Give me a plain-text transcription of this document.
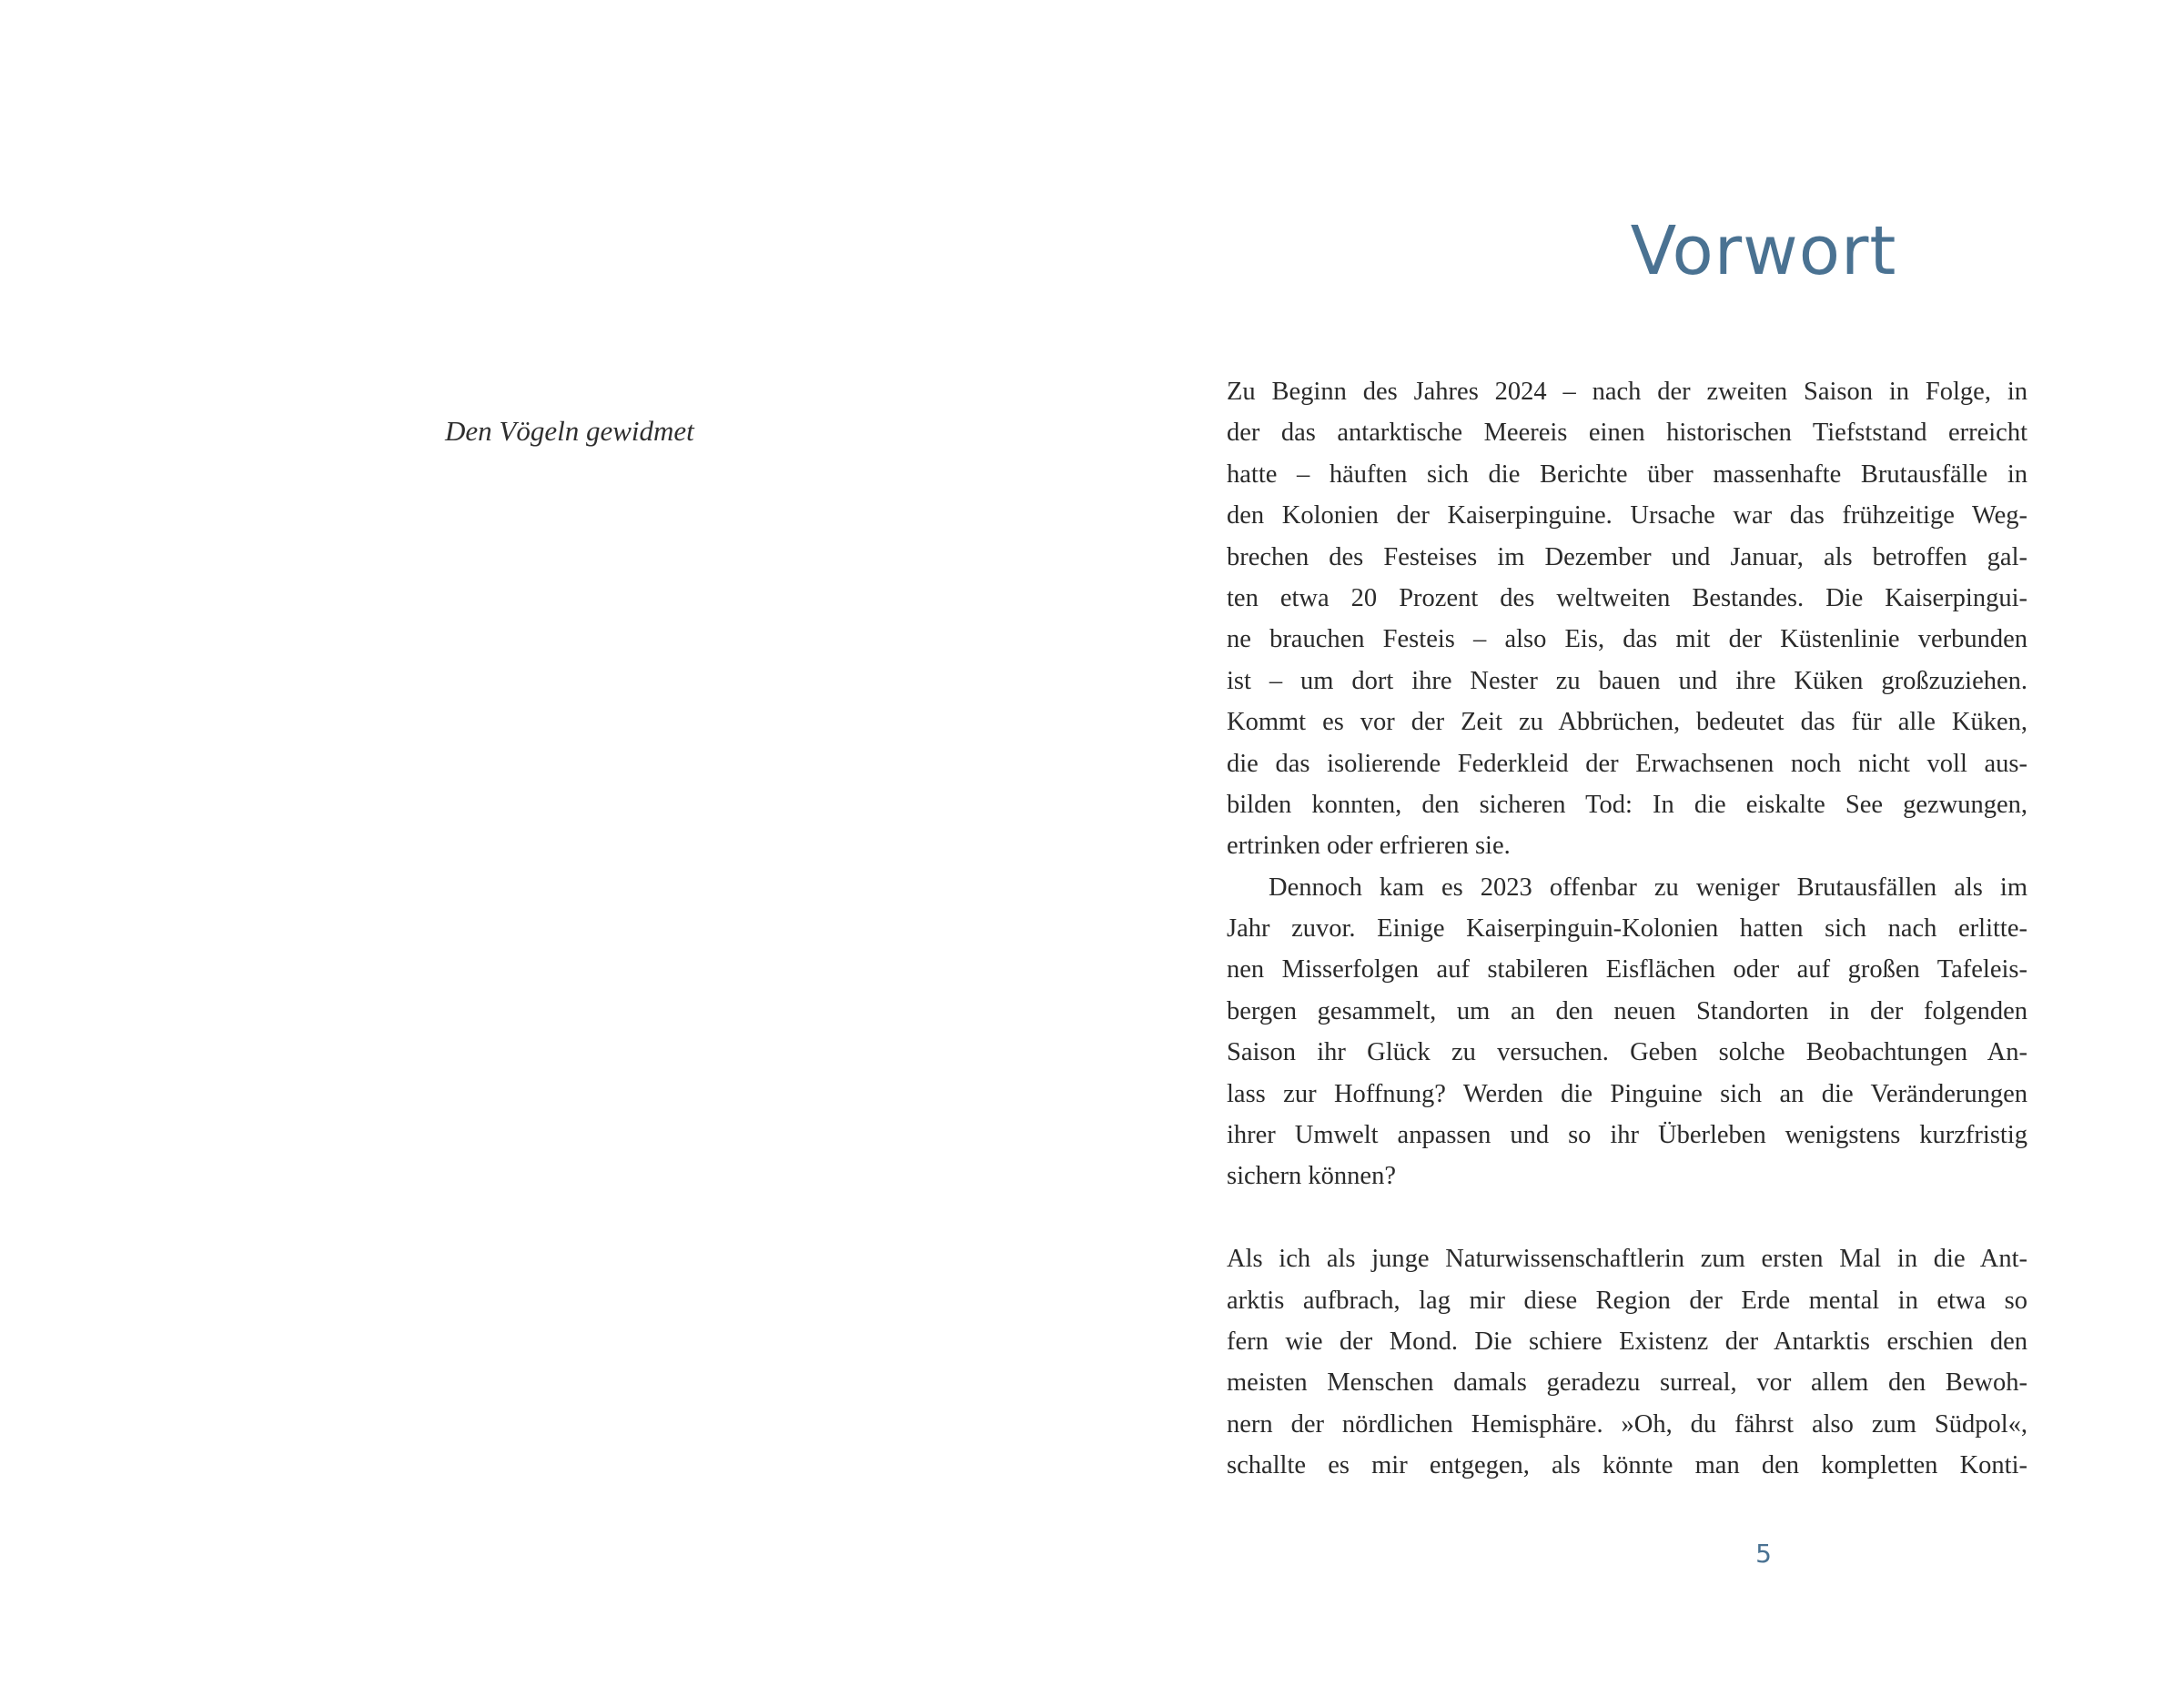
Den Vögeln gewidmet

Vorwort
Zu Beginn des Jahres 2024 – nach der zweiten Saison in Folge, in
der das antarktische Meereis einen historischen Tiefststand erreicht
hatte – häuften sich die Berichte über massenhafte Brutausfälle in
den Kolonien der Kaiserpinguine. Ursache war das frühzeitige Weg-
brechen des Festeises im Dezember und Januar, als betroffen gal-
ten etwa 20 Prozent des weltweiten Bestandes. Die Kaiserpingui-
ne brauchen Festeis – also Eis, das mit der Küstenlinie verbunden
ist – um dort ihre Nester zu bauen und ihre Küken großzuziehen.
Kommt es vor der Zeit zu Abbrüchen, bedeutet das für alle Küken,
die das isolierende Federkleid der Erwachsenen noch nicht voll aus-
bilden konnten, den sicheren Tod: In die eiskalte See gezwungen,
ertrinken oder erfrieren sie.
Dennoch kam es 2023 offenbar zu weniger Brutausfällen als im
Jahr zuvor. Einige Kaiserpinguin-Kolonien hatten sich nach erlitte-
nen Misserfolgen auf stabileren Eisflächen oder auf großen Tafeleis-
bergen gesammelt, um an den neuen Standorten in der folgenden
Saison ihr Glück zu versuchen. Geben solche Beobachtungen An-
lass zur Hoffnung? Werden die Pinguine sich an die Veränderungen
ihrer Umwelt anpassen und so ihr Überleben wenigstens kurzfristig
sichern können?
Als ich als junge Naturwissenschaftlerin zum ersten Mal in die Ant-
arktis aufbrach, lag mir diese Region der Erde mental in etwa so
fern wie der Mond. Die schiere Existenz der Antarktis erschien den
meisten Menschen damals geradezu surreal, vor allem den Bewoh-
nern der nördlichen Hemisphäre. »Oh, du fährst also zum Südpol«,
schallte es mir entgegen, als könnte man den kompletten Konti-

5
